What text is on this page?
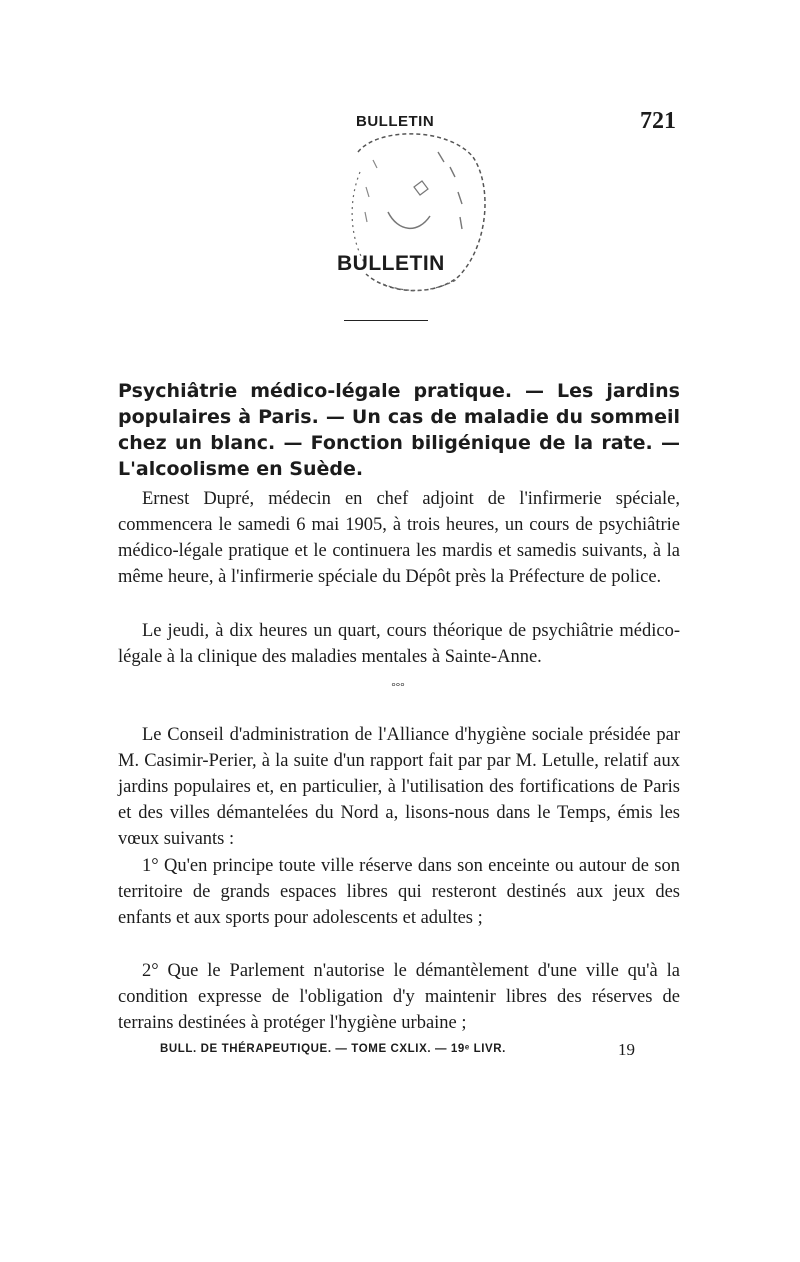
BULLETIN	721
BULLETIN

Psychiâtrie médico-légale pratique. — Les jardins populaires à Paris. — Un cas de maladie du sommeil chez un blanc. — Fonction biligénique de la rate. — L'alcoolisme en Suède.

Ernest Dupré, médecin en chef adjoint de l'infirmerie spéciale, commencera le samedi 6 mai 1905, à trois heures, un cours de psychiâtrie médico-légale pratique et le continuera les mardis et samedis suivants, à la même heure, à l'infirmerie spéciale du Dépôt près la Préfecture de police.

Le jeudi, à dix heures un quart, cours théorique de psychiâtrie médico-légale à la clinique des maladies mentales à Sainte-Anne.

°°°

Le Conseil d'administration de l'Alliance d'hygiène sociale présidée par M. Casimir-Perier, à la suite d'un rapport fait par par M. Letulle, relatif aux jardins populaires et, en particulier, à l'utilisation des fortifications de Paris et des villes démantelées du Nord a, lisons-nous dans le Temps, émis les vœux suivants :

1° Qu'en principe toute ville réserve dans son enceinte ou autour de son territoire de grands espaces libres qui resteront destinés aux jeux des enfants et aux sports pour adolescents et adultes ;

2° Que le Parlement n'autorise le démantèlement d'une ville qu'à la condition expresse de l'obligation d'y maintenir libres des réserves de terrains destinées à protéger l'hygiène urbaine ;

BULL. DE THÉRAPEUTIQUE. — TOME CXLIX. — 19ᵉ LIVR.	19
